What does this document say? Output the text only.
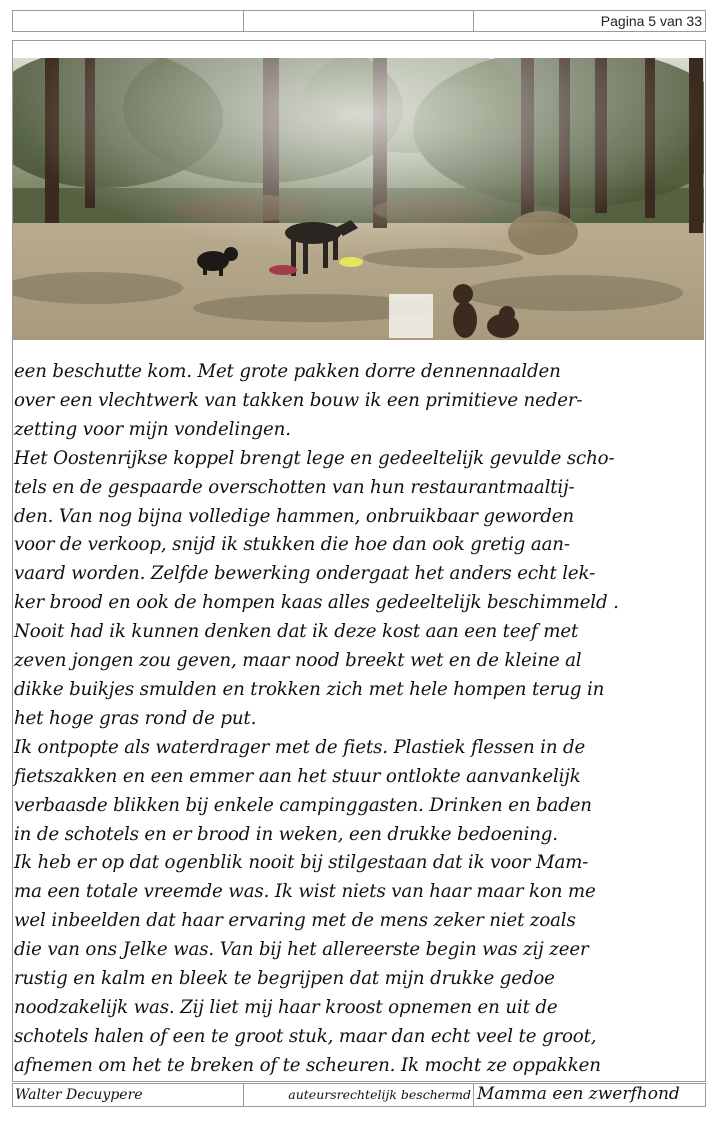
Pagina 5 van 33
een beschutte kom. Met grote pakken dorre dennennaalden
over een vlechtwerk van takken bouw ik een primitieve neder-
zetting voor mijn vondelingen.
Het Oostenrijkse koppel brengt lege en gedeeltelijk gevulde scho-
tels en de gespaarde overschotten van hun restaurantmaaltij-
den. Van nog bijna volledige hammen, onbruikbaar geworden
voor de verkoop, snijd ik stukken die hoe dan ook gretig aan-
vaard worden. Zelfde bewerking ondergaat het anders echt lek-
ker brood en ook de hompen kaas alles gedeeltelijk beschimmeld .
Nooit had ik kunnen denken dat ik deze kost aan een teef met
zeven jongen zou geven, maar nood breekt wet en de kleine al
dikke buikjes smulden en trokken zich met hele hompen terug in
het hoge gras rond de put.
Ik ontpopte als waterdrager met de fiets. Plastiek flessen in de
fietszakken en een emmer aan het stuur ontlokte aanvankelijk
verbaasde blikken bij enkele campinggasten. Drinken en baden
in de schotels en er brood in weken, een drukke bedoening.
Ik heb er op dat ogenblik nooit bij stilgestaan dat ik voor Mam-
ma een totale vreemde was. Ik wist niets van haar maar kon me
wel inbeelden dat haar ervaring met de mens zeker niet zoals
die van ons Jelke was. Van bij het allereerste begin was zij zeer
rustig en kalm en bleek te begrijpen dat mijn drukke gedoe
noodzakelijk was. Zij liet mij haar kroost opnemen en uit de
schotels halen of een te groot stuk, maar dan echt veel te groot,
afnemen om het te breken of te scheuren. Ik mocht ze oppakken
Walter Decuypere	auteursrechtelijk beschermd Mamma een zwerfhond
